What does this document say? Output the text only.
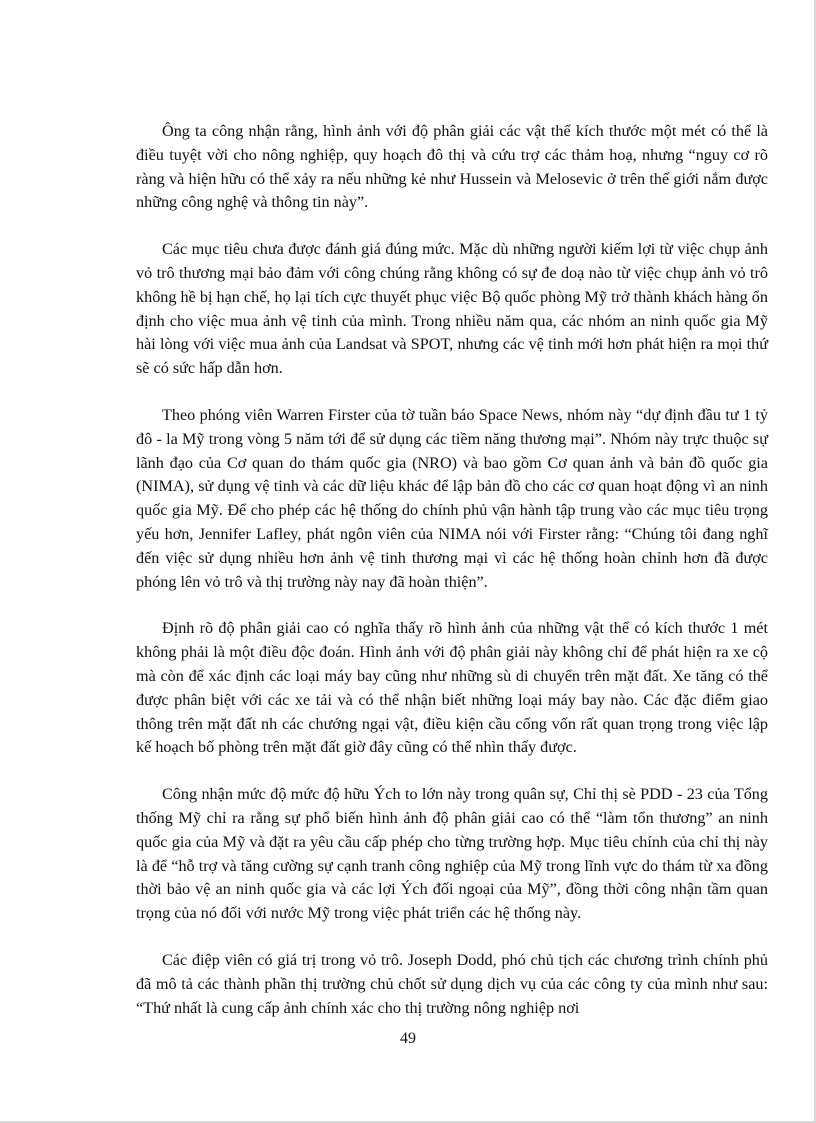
Ông ta công nhận rằng, hình ảnh với độ phân giải các vật thể kích thước một mét có thể là điều tuyệt vời cho nông nghiệp, quy hoạch đô thị và cứu trợ các thảm hoạ, nhưng “nguy cơ rõ ràng và hiện hữu có thể xảy ra nếu những kẻ như Hussein và Melosevic ở trên thế giới nắm được những công nghệ và thông tin này”.

Các mục tiêu chưa được đánh giá đúng mức. Mặc dù những người kiếm lợi từ việc chụp ảnh vỏ trô thương mại bảo đảm với công chúng rằng không có sự đe doạ nào từ việc chụp ảnh vỏ trô không hề bị hạn chế, họ lại tích cực thuyết phục việc Bộ quốc phòng Mỹ trở thành khách hàng ổn định cho việc mua ảnh vệ tinh của mình. Trong nhiều năm qua, các nhóm an ninh quốc gia Mỹ hài lòng với việc mua ảnh của Landsat và SPOT, nhưng các vệ tinh mới hơn phát hiện ra mọi thứ sẽ có sức hấp dẫn hơn.

Theo phóng viên Warren Firster của tờ tuần báo Space News, nhóm này “dự định đầu tư 1 tỷ đô - la Mỹ trong vòng 5 năm tới để sử dụng các tiềm năng thương mại”. Nhóm này trực thuộc sự lãnh đạo của Cơ quan do thám quốc gia (NRO) và bao gồm Cơ quan ảnh và bản đồ quốc gia (NIMA), sử dụng vệ tinh và các dữ liệu khác để lập bản đồ cho các cơ quan hoạt động vì an ninh quốc gia Mỹ. Để cho phép các hệ thống do chính phủ vận hành tập trung vào các mục tiêu trọng yếu hơn, Jennifer Lafley, phát ngôn viên của NIMA nói với Firster rằng: “Chúng tôi đang nghĩ đến việc sử dụng nhiều hơn ảnh vệ tinh thương mại vì các hệ thống hoàn chỉnh hơn đã được phóng lên vỏ trô và thị trường này nay đã hoàn thiện”.

Định rõ độ phân giải cao có nghĩa thấy rõ hình ảnh của những vật thể có kích thước 1 mét không phải là một điều độc đoán. Hình ảnh với độ phân giải này không chỉ để phát hiện ra xe cộ mà còn để xác định các loại máy bay cũng như những sù di chuyển trên mặt đất. Xe tăng có thể được phân biệt với các xe tải và có thể nhận biết những loại máy bay nào. Các đặc điểm giao thông trên mặt đất nh các chướng ngại vật, điều kiện cầu cống vốn rất quan trọng trong việc lập kế hoạch bố phòng trên mặt đất giờ đây cũng có thể nhìn thấy được.

Công nhận mức độ mức độ hữu Ých to lớn này trong quân sự, Chỉ thị sè PDD - 23 của Tổng thống Mỹ chỉ ra rằng sự phổ biến hình ảnh độ phân giải cao có thể “làm tổn thương” an ninh quốc gia của Mỹ và đặt ra yêu cầu cấp phép cho từng trường hợp. Mục tiêu chính của chỉ thị này là để “hỗ trợ và tăng cường sự cạnh tranh công nghiệp của Mỹ trong lĩnh vực do thám từ xa đồng thời bảo vệ an ninh quốc gia và các lợi Ých đối ngoại của Mỹ”, đồng thời công nhận tầm quan trọng của nó đối với nước Mỹ trong việc phát triển các hệ thống này.

Các điệp viên có giá trị trong vỏ trô. Joseph Dodd, phó chủ tịch các chương trình chính phủ đã mô tả các thành phần thị trường chủ chốt sử dụng dịch vụ của các công ty của mình như sau: “Thứ nhất là cung cấp ảnh chính xác cho thị trường nông nghiệp nơi

49
